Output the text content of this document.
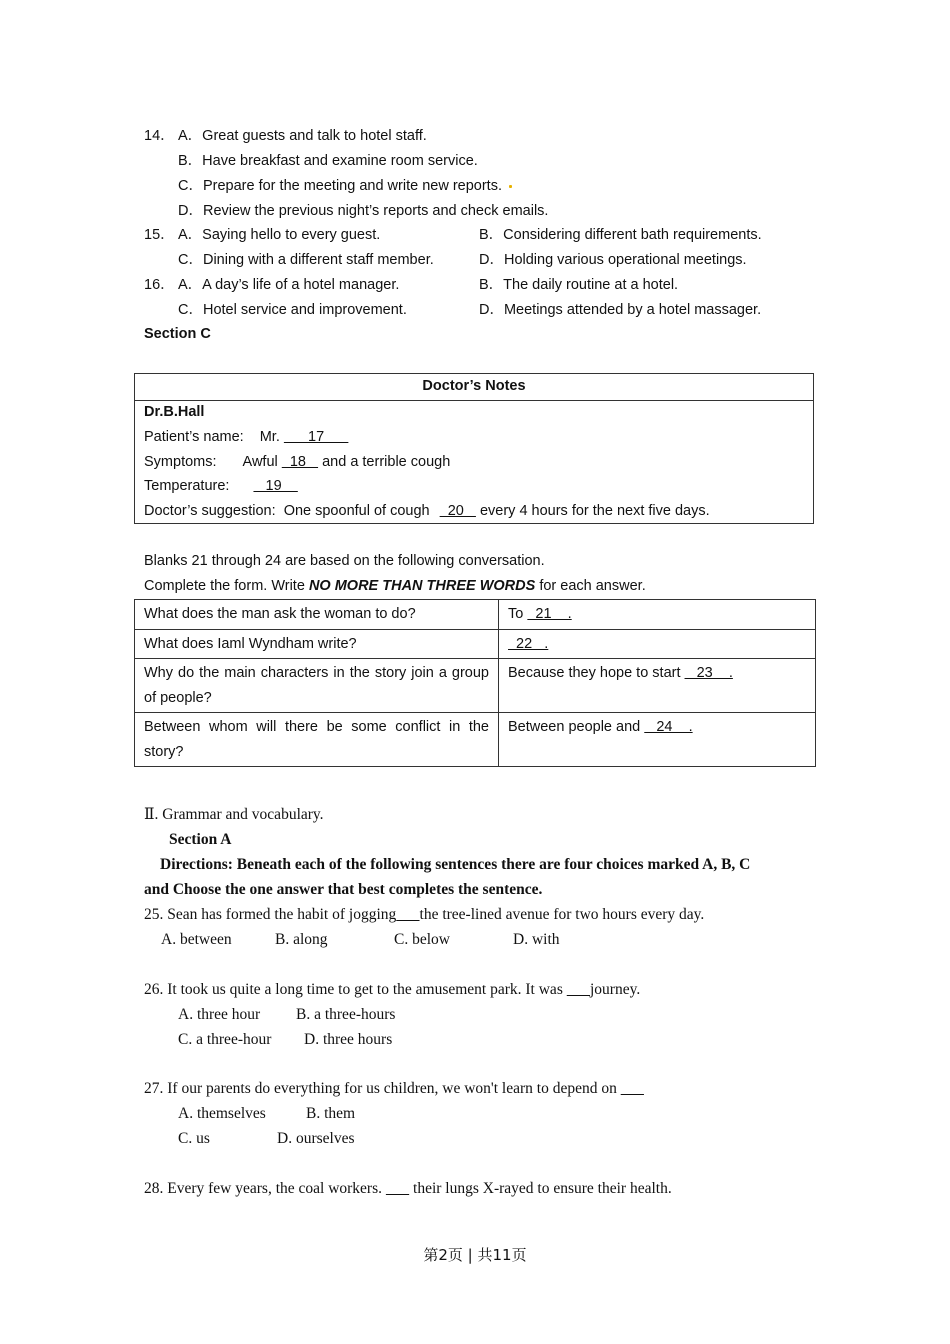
14． A．Great guests and talk to hotel staff.
B．Have breakfast and examine room service.
C．Prepare for the meeting and write new reports.
D．Review the previous night’s reports and check emails.
15． A．Saying hello to every guest.	B．Considering different bath requirements.
C．Dining with a different staff member.	D．Holding various operational meetings.
16． A．A day’s life of a hotel manager.	B．The daily routine at a hotel.
C．Hotel service and improvement.	D．Meetings attended by a hotel massager.
Section C
Doctor’s Notes
Dr.B.Hall
Patient’s name: Mr.       17
Symptoms: Awful   18    and a terrible cough
Temperature:    19
Doctor’s suggestion: One spoonful of cough   20    every 4 hours for the next five days.
Blanks 21 through 24 are based on the following conversation.
Complete the form. Write NO MORE THAN THREE WORDS for each answer.
What does the man ask the woman to do?	To   21    .
What does Iaml Wyndham write?	22   .
Why do the main characters in the story join a group of people?	Because they hope to start    23    .
Between whom will there be some conflict in the story?	Between people and    24    .
Ⅱ. Grammar and vocabulary.
Section A
Directions: Beneath each of the following sentences there are four choices marked A, B, C
and Choose the one answer that best completes the sentence.
25. Sean has formed the habit of jogging the tree-lined avenue for two hours every day.
A. between	B. along	C. below	D. with
26. It took us quite a long time to get to the amusement park. It was       journey.
A. three hour B. a three-hours
C. a three-hour D. three hours
27. If our parents do everything for us children, we won't learn to depend on
A. themselves	B. them
C. us	D. ourselves
28. Every few years, the coal workers.        their lungs X-rayed to ensure their health.
第2页 | 共11页
